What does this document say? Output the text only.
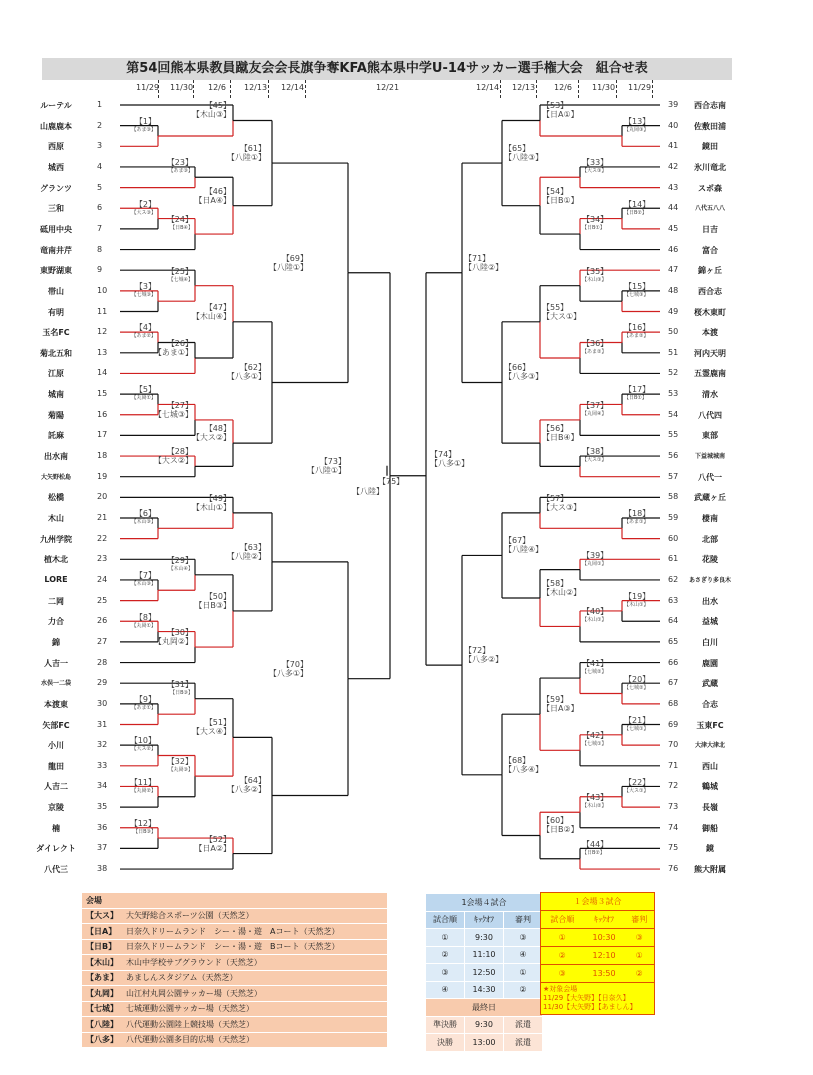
第54回熊本県教員蹴友会会長旗争奪KFA熊本県中学U-14サッカー選手権大会　組合せ表
11/29 11/30 12/6 12/13 12/14	12/21	12/14 12/13 12/6	11/30 11/29
ルーテル	1
山鹿鹿本	2
西原	3
城西	4
グランツ	5
三和	6
砥用中央	7
竜南井芹	8
東野湖東	9
帯山	10
有明	11
玉名FC	12
菊北五和	13
江原	14
城南	15
菊陽	16
託麻	17
出水南	18
大矢野松島	19
松橋	20
木山	21
九州学院	22
植木北	23
LORE	24
二岡	25
力合	26
錦	27
人吉一	28
水俣一二袋	29
本渡東	30
矢部FC	31
小川	32
龍田	33
人吉二	34
京陵	35
楠	36
ダイレクト	37
八代三	38
西合志南
39
佐敷田浦
40
鏡田
41
氷川竜北
42
スポ森
43
八代五八八
44
日吉
45
富合
46
錦ヶ丘
47
西合志
48
桜木東町
49
本渡
50
河内天明
51
五霊鹿南
52
清水
53
八代四
54
東部
55
下益城城南
56
八代一
57
武蔵ヶ丘
58
棲南
59
北部
60
花陵
61
あさぎり多良木
62
出水
63
益城
64
白川
65
鹿園
66
武蔵
67
合志
68
玉東FC
69
大津大津北
70
西山
71
鶴城
72
長嶺
73
御船
74
鏡
75
熊大附属
76
【1】
【あま③】
【2】
【大ス③】
【3】
【七城③】
【4】
【あま②】
【5】
【丸岡①】
【6】
【木山③】
【7】
【木山③】
【8】
【丸岡①】
【9】
【あま①】
【10】
【大ス②】
【11】
【丸岡②】
【12】
【日B③】
【23】
【あま③】
【24】
【日B④】
【25】
【七城④】
【26】
【あま①】
【27】
【七城③】
【28】
【大ス②】
【29】
【木山④】
【30】
【丸岡②】
【31】
【日B③】
【32】
【丸岡③】
【45】
【木山③】
【46】
【日A④】
【47】
【木山④】
【48】
【大ス②】
【49】
【木山①】
【50】
【日B③】
【51】
【大ス④】
【52】
【日A②】
【61】
【八陸①】
【62】
【八多①】
【63】
【八陸②】
【64】
【八多②】
【69】
【八陸①】
【70】
【八多①】
【73】
【八陸①】
【13】
【丸岡③】
【14】
【日B②】
【15】
【七城③】
【16】
【あま②】
【17】
【日B①】
【18】
【あま①】
【19】
【木山①】
【20】
【七城②】
【21】
【七城①】
【22】
【大ス①】
【33】
【大ス③】
【34】
【日B①】
【35】
【木山③】
【36】
【あま②】
【37】
【丸岡④】
【38】
【大ス①】
【39】
【丸岡①】
【40】
【木山①】
【41】
【七城②】
【42】
【七城①】
【43】
【木山②】
【44】
【日B②】
【53】
【日A①】
【54】
【日B①】
【55】
【大ス①】
【56】
【日B④】
【57】
【大ス③】
【58】
【木山②】
【59】
【日A③】
【60】
【日B②】
【65】
【八陸③】
【66】
【八多③】
【67】
【八陸④】
【68】
【八多④】
【71】
【八陸②】
【72】
【八多②】
【74】
【八多①】
【75】
【八陸】
会場	
【大ス】	大矢野総合スポーツ公園（天然芝）
【日A】	日奈久ドリームランド　シー・湯・遊　Aコート（天然芝）
【日B】	日奈久ドリームランド　シー・湯・遊　Bコート（天然芝）
【木山】	木山中学校サブグラウンド（天然芝）
【あま】	あましんスタジアム（天然芝）
【丸岡】	山江村丸岡公園サッカー場（天然芝）
【七城】	七城運動公園サッカー場（天然芝）
【八陸】	八代運動公園陸上競技場（天然芝）
【八多】	八代運動公園多目的広場（天然芝）
1会場４試合		
試合順	ｷｯｸｵﾌ	審判
①	9:30	③
②	11:10	④
③	12:50	①
④	14:30	②
最終日		
準決勝	9:30	派遣
決勝	13:00	派遣
１会場３試合		
試合順	ｷｯｸｵﾌ	審判
①	10:30	③
②	12:10	①
③	13:50	②
★対象会場
11/29【大矢野】【日奈久】
11/30【大矢野】【あましん】
